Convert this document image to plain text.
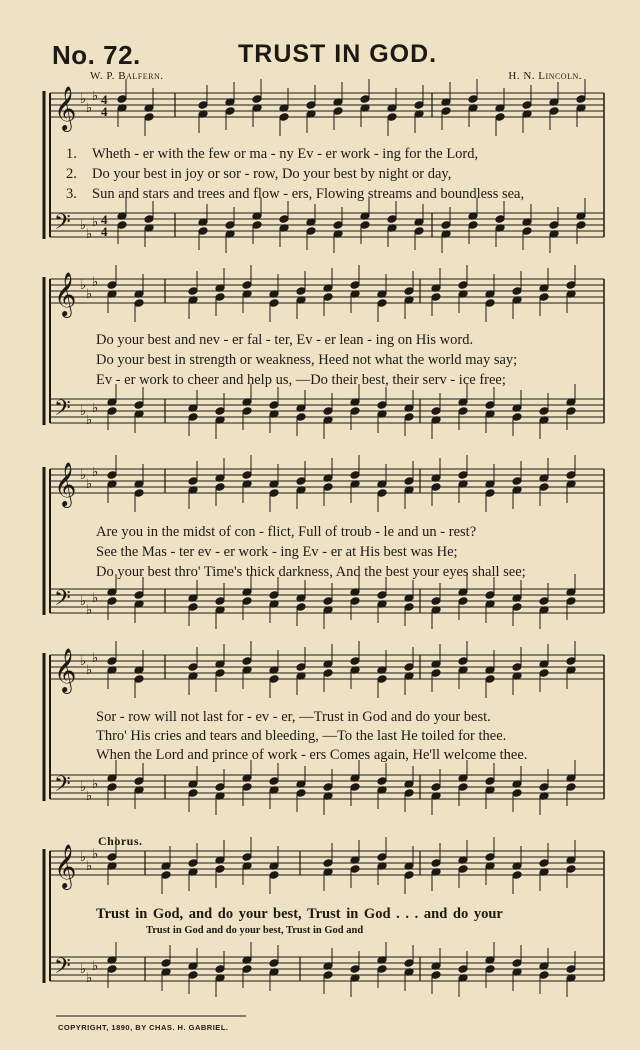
No. 72.	TRUST IN GOD.
W. P. Balfern.	H. N. Lincoln.
𝄞
𝄢
♭
♭
♭
♭
♭
♭
4
4
4
4
𝄞
𝄢
♭
♭
♭
♭
♭
♭
𝄞
𝄢
♭
♭
♭
♭
♭
♭
𝄞
𝄢
♭
♭
♭
♭
♭
♭
𝄞
𝄢
♭
♭
♭
♭
♭
♭
1. Wheth - er with the few or ma - ny Ev - er work - ing for the Lord,
2. Do your best in joy or sor - row, Do your best by night or day,
3. Sun and stars and trees and flow - ers, Flowing streams and boundless sea,
Do your best and nev - er fal - ter, Ev - er lean - ing on His word.
Do your best in strength or weakness, Heed not what the world may say;
Ev - er work to cheer and help us, —Do their best, their serv - ice free;
Are you in the midst of con - flict, Full of troub - le and un - rest?
See the Mas - ter ev - er work - ing Ev - er at His best was He;
Do your best thro' Time's thick darkness, And the best your eyes shall see;
Sor - row will not last for - ev - er, —Trust in God and do your best.
Thro' His cries and tears and bleeding, —To the last He toiled for thee.
When the Lord and prince of work - ers Comes again, He'll welcome thee.
Chorus.
Trust in God, and do your best, Trust in God . . . and do your
Trust in God and do your best, Trust in God and
COPYRIGHT, 1890, BY CHAS. H. GABRIEL.
